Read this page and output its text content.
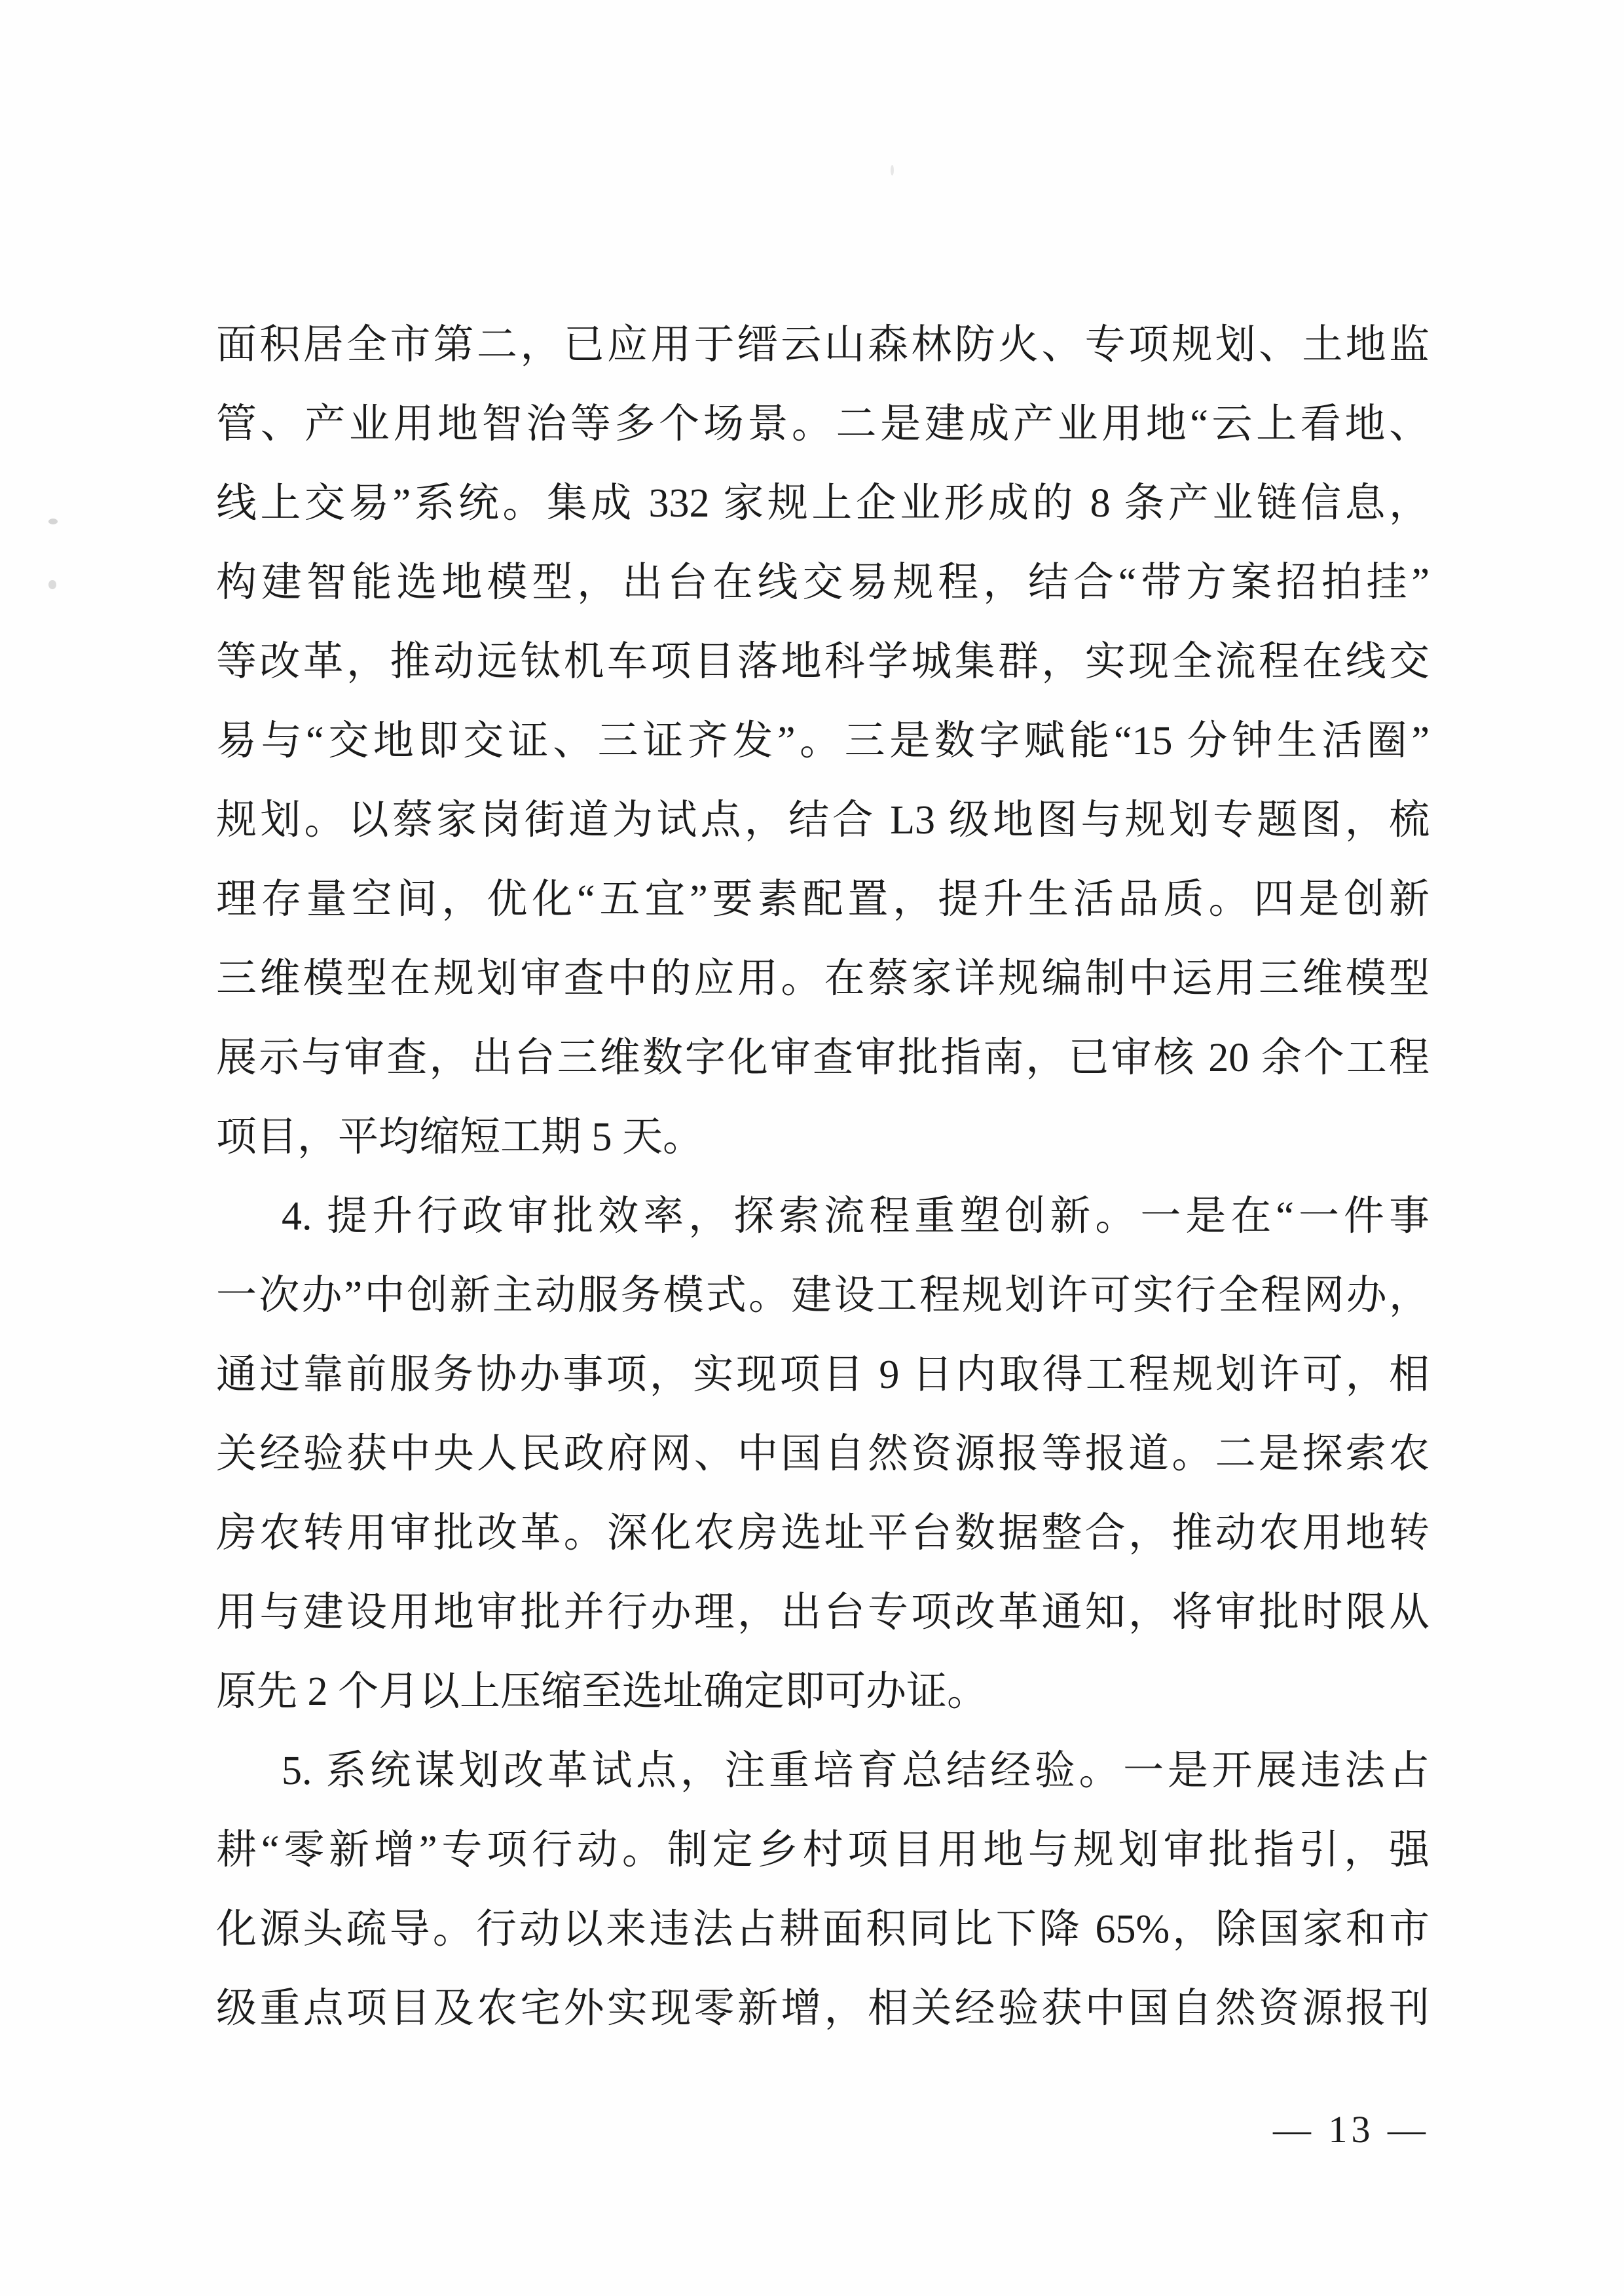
面积居全市第二，已应用于缙云山森林防火、专项规划、土地监
管、产业用地智治等多个场景。二是建成产业用地“云上看地、
线上交易”系统。集成 332 家规上企业形成的 8 条产业链信息，
构建智能选地模型，出台在线交易规程，结合“带方案招拍挂”
等改革，推动远钛机车项目落地科学城集群，实现全流程在线交
易与“交地即交证、三证齐发”。三是数字赋能“15 分钟生活圈”
规划。以蔡家岗街道为试点，结合 L3 级地图与规划专题图，梳
理存量空间，优化“五宜”要素配置，提升生活品质。四是创新
三维模型在规划审查中的应用。在蔡家详规编制中运用三维模型
展示与审查，出台三维数字化审查审批指南，已审核 20 余个工程
项目，平均缩短工期 5 天。
4. 提升行政审批效率，探索流程重塑创新。一是在“一件事
一次办”中创新主动服务模式。建设工程规划许可实行全程网办，
通过靠前服务协办事项，实现项目 9 日内取得工程规划许可，相
关经验获中央人民政府网、中国自然资源报等报道。二是探索农
房农转用审批改革。深化农房选址平台数据整合，推动农用地转
用与建设用地审批并行办理，出台专项改革通知，将审批时限从
原先 2 个月以上压缩至选址确定即可办证。
5. 系统谋划改革试点，注重培育总结经验。一是开展违法占
耕“零新增”专项行动。制定乡村项目用地与规划审批指引，强
化源头疏导。行动以来违法占耕面积同比下降 65%，除国家和市
级重点项目及农宅外实现零新增，相关经验获中国自然资源报刊
— 13 —
